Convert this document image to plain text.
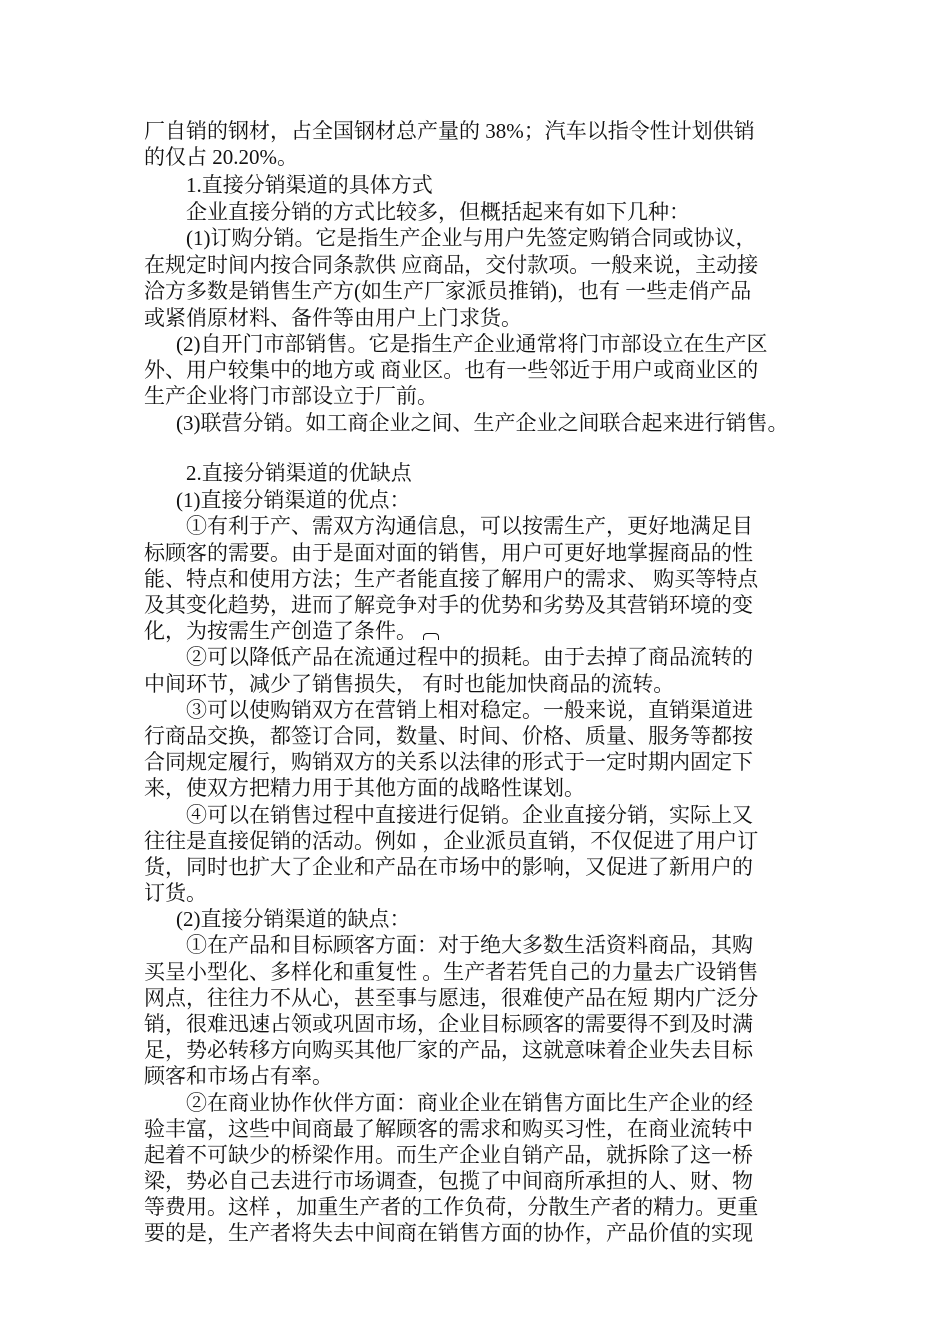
厂自销的钢材，占全国钢材总产量的 38%；汽车以指令性计划供销
的仅占 20.20%。
1.直接分销渠道的具体方式
企业直接分销的方式比较多，但概括起来有如下几种：
(1)订购分销。它是指生产企业与用户先签定购销合同或协议，
在规定时间内按合同条款供 应商品，交付款项。一般来说，主动接
洽方多数是销售生产方(如生产厂家派员推销)，也有 一些走俏产品
或紧俏原材料、备件等由用户上门求货。
(2)自开门市部销售。它是指生产企业通常将门市部设立在生产区
外、用户较集中的地方或 商业区。也有一些邻近于用户或商业区的
生产企业将门市部设立于厂前。
(3)联营分销。如工商企业之间、生产企业之间联合起来进行销售。
2.直接分销渠道的优缺点
(1)直接分销渠道的优点：
①有利于产、需双方沟通信息，可以按需生产，更好地满足目
标顾客的需要。由于是面对面的销售，用户可更好地掌握商品的性
能、特点和使用方法；生产者能直接了解用户的需求、 购买等特点
及其变化趋势，进而了解竞争对手的优势和劣势及其营销环境的变
化，为按需生产创造了条件。
②可以降低产品在流通过程中的损耗。由于去掉了商品流转的
中间环节，减少了销售损失， 有时也能加快商品的流转。
③可以使购销双方在营销上相对稳定。一般来说，直销渠道进
行商品交换，都签订合同，数量、时间、价格、质量、服务等都按
合同规定履行，购销双方的关系以法律的形式于一定时期内固定下
来，使双方把精力用于其他方面的战略性谋划。
④可以在销售过程中直接进行促销。企业直接分销，实际上又
往往是直接促销的活动。例如 ，企业派员直销，不仅促进了用户订
货，同时也扩大了企业和产品在市场中的影响，又促进了新用户的
订货。
(2)直接分销渠道的缺点：
①在产品和目标顾客方面：对于绝大多数生活资料商品，其购
买呈小型化、多样化和重复性 。生产者若凭自己的力量去广设销售
网点，往往力不从心，甚至事与愿违，很难使产品在短 期内广泛分
销，很难迅速占领或巩固市场，企业目标顾客的需要得不到及时满
足，势必转移方向购买其他厂家的产品，这就意味着企业失去目标
顾客和市场占有率。
②在商业协作伙伴方面：商业企业在销售方面比生产企业的经
验丰富，这些中间商最了解顾客的需求和购买习性，在商业流转中
起着不可缺少的桥梁作用。而生产企业自销产品，就拆除了这一桥
梁，势必自己去进行市场调查，包揽了中间商所承担的人、财、物
等费用。这样 ，加重生产者的工作负荷，分散生产者的精力。更重
要的是，生产者将失去中间商在销售方面的协作，产品价值的实现
